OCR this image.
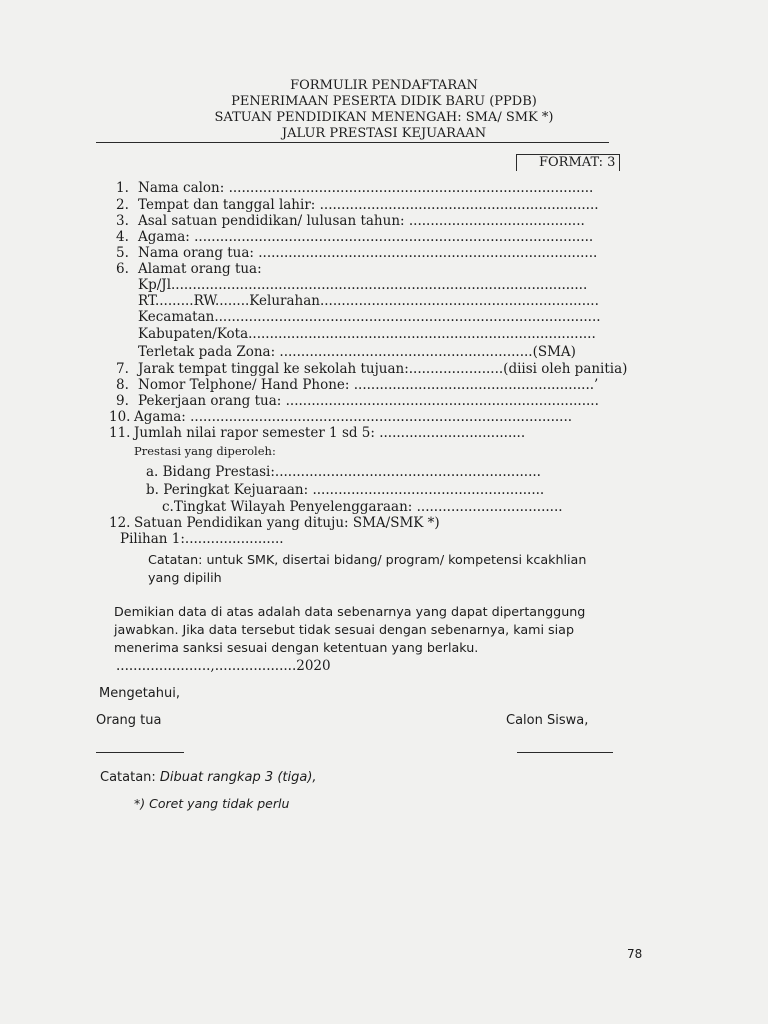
FORMULIR PENDAFTARAN
PENERIMAAN PESERTA DIDIK BARU (PPDB)
SATUAN PENDIDIKAN MENENGAH: SMA/ SMK *)
JALUR PRESTASI KEJUARAAN
FORMAT: 3
1. Nama calon: .....................................................................................
2. Tempat dan tanggal lahir: .................................................................
3. Asal satuan pendidikan/ lulusan tahun: .........................................
4. Agama: .............................................................................................
5. Nama orang tua: ...............................................................................
6. Alamat orang tua:
Kp/Jl.................................................................................................
RT.........RW........Kelurahan.................................................................
Kecamatan..........................................................................................
Kabupaten/Kota.................................................................................
Terletak pada Zona: ...........................................................(SMA)
7. Jarak tempat tinggal ke sekolah tujuan:......................(diisi oleh panitia)
8. Nomor Telphone/ Hand Phone: ........................................................’
9. Pekerjaan orang tua: .........................................................................
10. Agama: .........................................................................................
11. Jumlah nilai rapor semester 1 sd 5: ..................................
Prestasi yang diperoleh:
a. Bidang Prestasi:..............................................................
b. Peringkat Kejuaraan: ......................................................
c.Tingkat Wilayah Penyelenggaraan: ..................................
12. Satuan Pendidikan yang dituju: SMA/SMK *)
Pilihan 1:.......................
Catatan: untuk SMK, disertai bidang/ program/ kompetensi kcakhlian
yang dipilih
Demikian data di atas adalah data sebenarnya yang dapat dipertanggung
jawabkan. Jika data tersebut tidak sesuai dengan sebenarnya, kami siap
menerima sanksi sesuai dengan ketentuan yang berlaku.
......................,...................2020
Mengetahui,
Orang tua	Calon Siswa,
Catatan: Dibuat rangkap 3 (tiga),
*) Coret yang tidak perlu
78
